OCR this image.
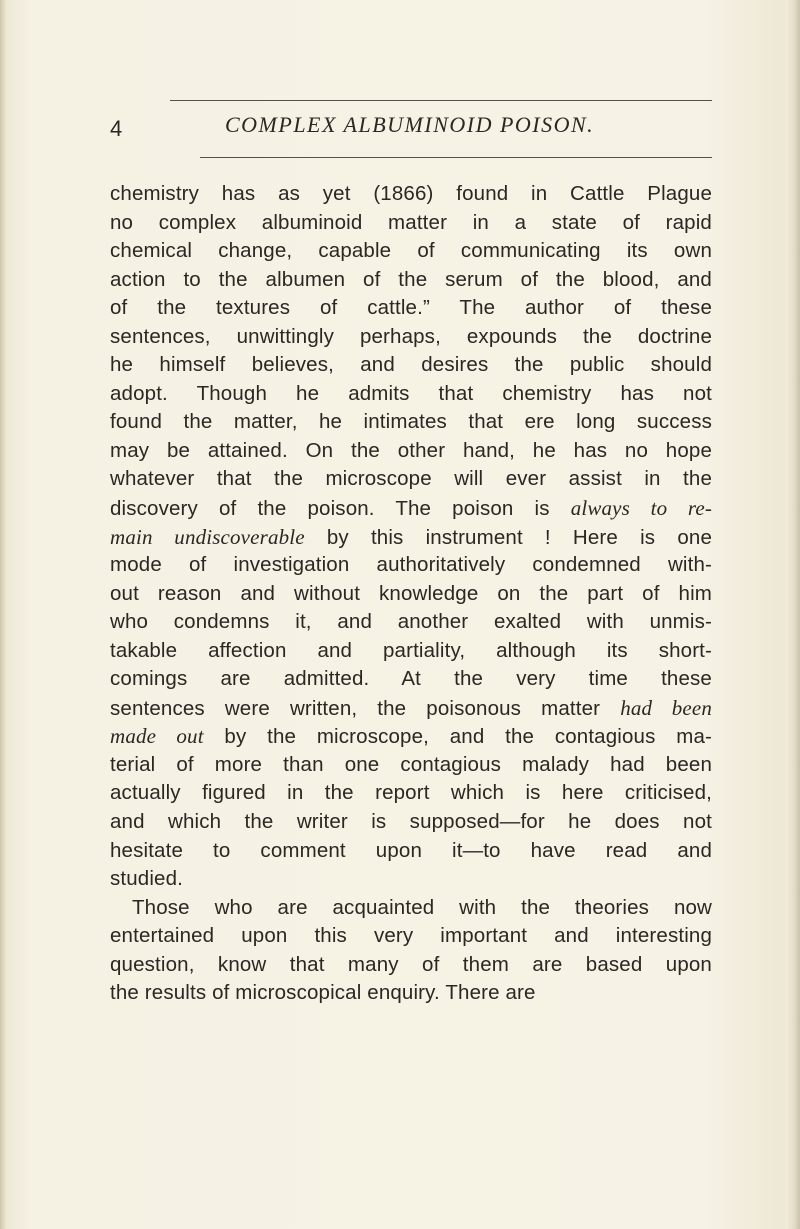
4	COMPLEX ALBUMINOID POISON.
chemistry has as yet (1866) found in Cattle Plague
no complex albuminoid matter in a state of rapid
chemical change, capable of communicating its own
action to the albumen of the serum of the blood, and
of the textures of cattle.” The author of these
sentences, unwittingly perhaps, expounds the doctrine
he himself believes, and desires the public should
adopt. Though he admits that chemistry has not
found the matter, he intimates that ere long success
may be attained. On the other hand, he has no hope
whatever that the microscope will ever assist in the
discovery of the poison. The poison is always to re-
main undiscoverable by this instrument ! Here is one
mode of investigation authoritatively condemned with-
out reason and without knowledge on the part of him
who condemns it, and another exalted with unmis-
takable affection and partiality, although its short-
comings are admitted. At the very time these
sentences were written, the poisonous matter had been
made out by the microscope, and the contagious ma-
terial of more than one contagious malady had been
actually figured in the report which is here criticised,
and which the writer is supposed—for he does not
hesitate to comment upon it—to have read and
studied.
Those who are acquainted with the theories now
entertained upon this very important and interesting
question, know that many of them are based upon
the results of microscopical enquiry. There are
